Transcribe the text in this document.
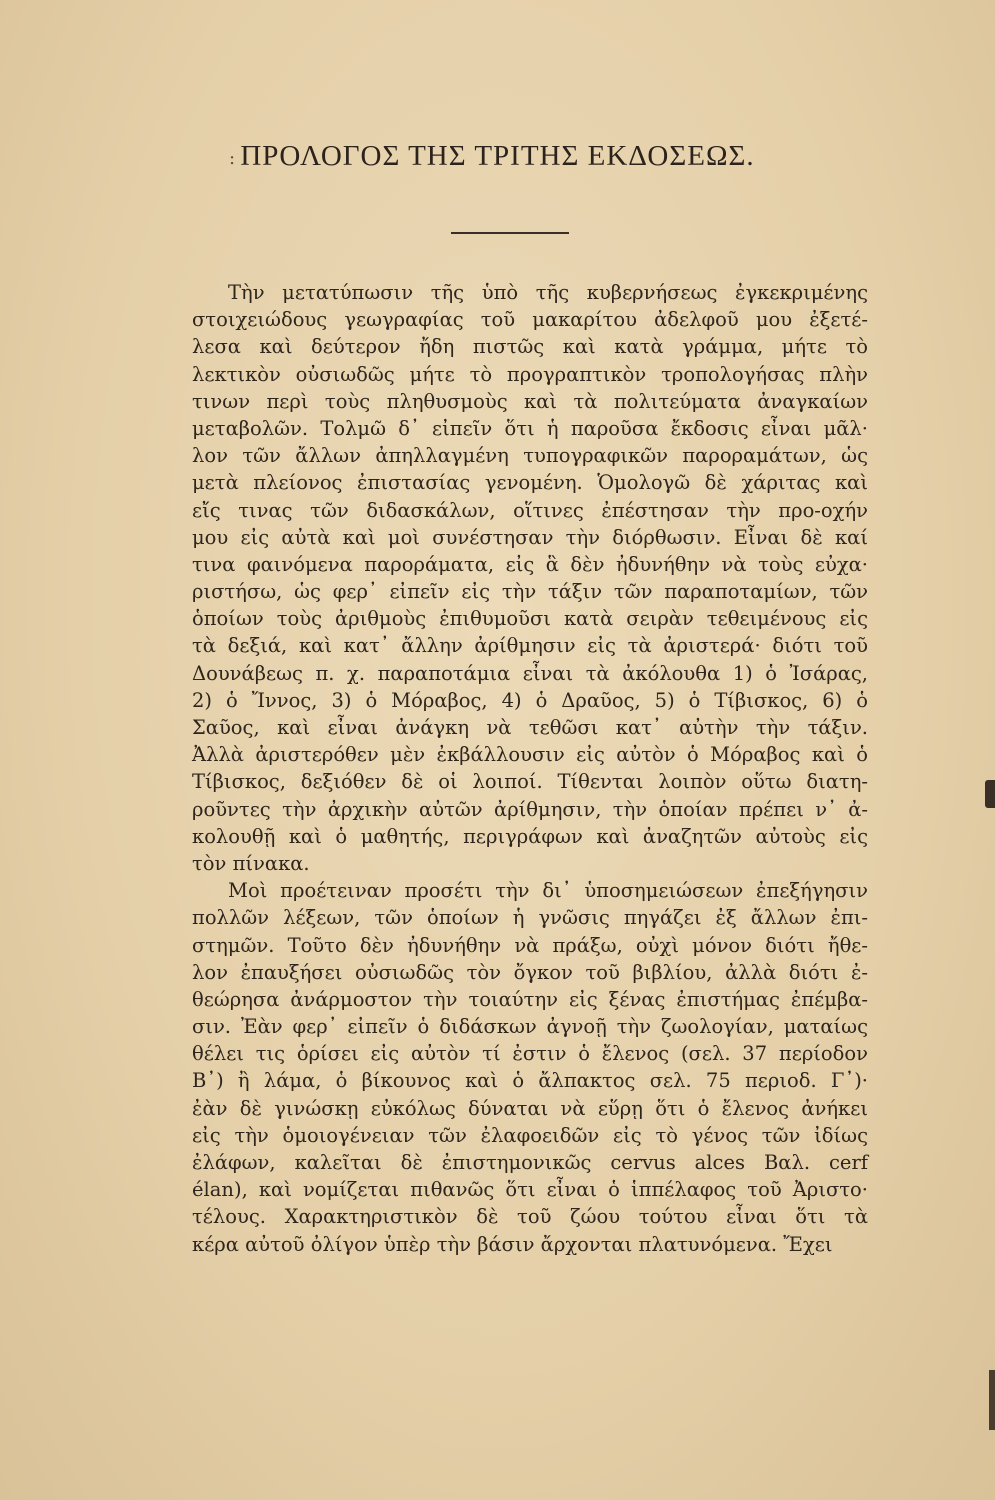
: ΠΡΟΛΟΓΟΣ ΤΗΣ ΤΡΙΤΗΣ ΕΚΔΟΣΕΩΣ.
Τὴν μετατύπωσιν τῆς ὑπὸ τῆς κυβερνήσεως ἐγκεκριμένης
στοιχειώδους γεωγραφίας τοῦ μακαρίτου ἀδελφοῦ μου ἐξετέ-
λεσα καὶ δεύτερον ἤδη πιστῶς καὶ κατὰ γράμμα, μήτε τὸ
λεκτικὸν οὐσιωδῶς μήτε τὸ προγραπτικὸν τροπολογήσας πλὴν
τινων περὶ τοὺς πληθυσμοὺς καὶ τὰ πολιτεύματα ἀναγκαίων
μεταβολῶν. Τολμῶ δ᾽ εἰπεῖν ὅτι ἡ παροῦσα ἔκδοσις εἶναι μᾶλ·
λον τῶν ἄλλων ἀπηλλαγμένη τυπογραφικῶν παροραμάτων, ὡς
μετὰ πλείονος ἐπιστασίας γενομένη. Ὁμολογῶ δὲ χάριτας καὶ
εἴς τινας τῶν διδασκάλων, οἵτινες ἐπέστησαν τὴν προ-οχήν
μου εἰς αὐτὰ καὶ μοὶ συνέστησαν τὴν διόρθωσιν. Εἶναι δὲ καί
τινα φαινόμενα παροράματα, εἰς ἃ δὲν ἠδυνήθην νὰ τοὺς εὐχα·
ριστήσω, ὡς φερ᾽ εἰπεῖν εἰς τὴν τάξιν τῶν παραποταμίων, τῶν
ὁποίων τοὺς ἀριθμοὺς ἐπιθυμοῦσι κατὰ σειρὰν τεθειμένους εἰς
τὰ δεξιά, καὶ κατ᾽ ἄλλην ἀρίθμησιν εἰς τὰ ἀριστερά· διότι τοῦ
Δουνάβεως π. χ. παραποτάμια εἶναι τὰ ἀκόλουθα 1) ὁ Ἰσάρας,
2) ὁ Ἴννος, 3) ὁ Μόραβος, 4) ὁ Δραῦος, 5) ὁ Τίβισκος, 6) ὁ
Σαῦος, καὶ εἶναι ἀνάγκη νὰ τεθῶσι κατ᾽ αὐτὴν τὴν τάξιν.
Ἀλλὰ ἀριστερόθεν μὲν ἐκβάλλουσιν εἰς αὐτὸν ὁ Μόραβος καὶ ὁ
Τίβισκος, δεξιόθεν δὲ οἱ λοιποί. Τίθενται λοιπὸν οὕτω διατη-
ροῦντες τὴν ἀρχικὴν αὐτῶν ἀρίθμησιν, τὴν ὁποίαν πρέπει ν᾽ ἀ-
κολουθῇ καὶ ὁ μαθητής, περιγράφων καὶ ἀναζητῶν αὐτοὺς εἰς
τὸν πίνακα.
Μοὶ προέτειναν προσέτι τὴν δι᾽ ὑποσημειώσεων ἐπεξήγησιν
πολλῶν λέξεων, τῶν ὁποίων ἡ γνῶσις πηγάζει ἐξ ἄλλων ἐπι-
στημῶν. Τοῦτο δὲν ἠδυνήθην νὰ πράξω, οὐχὶ μόνον διότι ἤθε-
λον ἐπαυξήσει οὐσιωδῶς τὸν ὄγκον τοῦ βιβλίου, ἀλλὰ διότι ἐ-
θεώρησα ἀνάρμοστον τὴν τοιαύτην εἰς ξένας ἐπιστήμας ἐπέμβα-
σιν. Ἐὰν φερ᾽ εἰπεῖν ὁ διδάσκων ἀγνοῇ τὴν ζωολογίαν, ματαίως
θέλει τις ὁρίσει εἰς αὐτὸν τί ἐστιν ὁ ἔλενος (σελ. 37 περίοδον
Β᾽) ἢ λάμα, ὁ βίκουνος καὶ ὁ ἄλπακτος σελ. 75 περιοδ. Γ᾽)·
ἐὰν δὲ γινώσκῃ εὐκόλως δύναται νὰ εὕρῃ ὅτι ὁ ἔλενος ἀνήκει
εἰς τὴν ὁμοιογένειαν τῶν ἐλαφοειδῶν εἰς τὸ γένος τῶν ἰδίως
ἐλάφων, καλεῖται δὲ ἐπιστημονικῶς cervus alces Βαλ. cerf
élan), καὶ νομίζεται πιθανῶς ὅτι εἶναι ὁ ἱππέλαφος τοῦ Ἀριστο·
τέλους. Χαρακτηριστικὸν δὲ τοῦ ζώου τούτου εἶναι ὅτι τὰ
κέρα αὐτοῦ ὀλίγον ὑπὲρ τὴν βάσιν ἄρχονται πλατυνόμενα. Ἔχει
